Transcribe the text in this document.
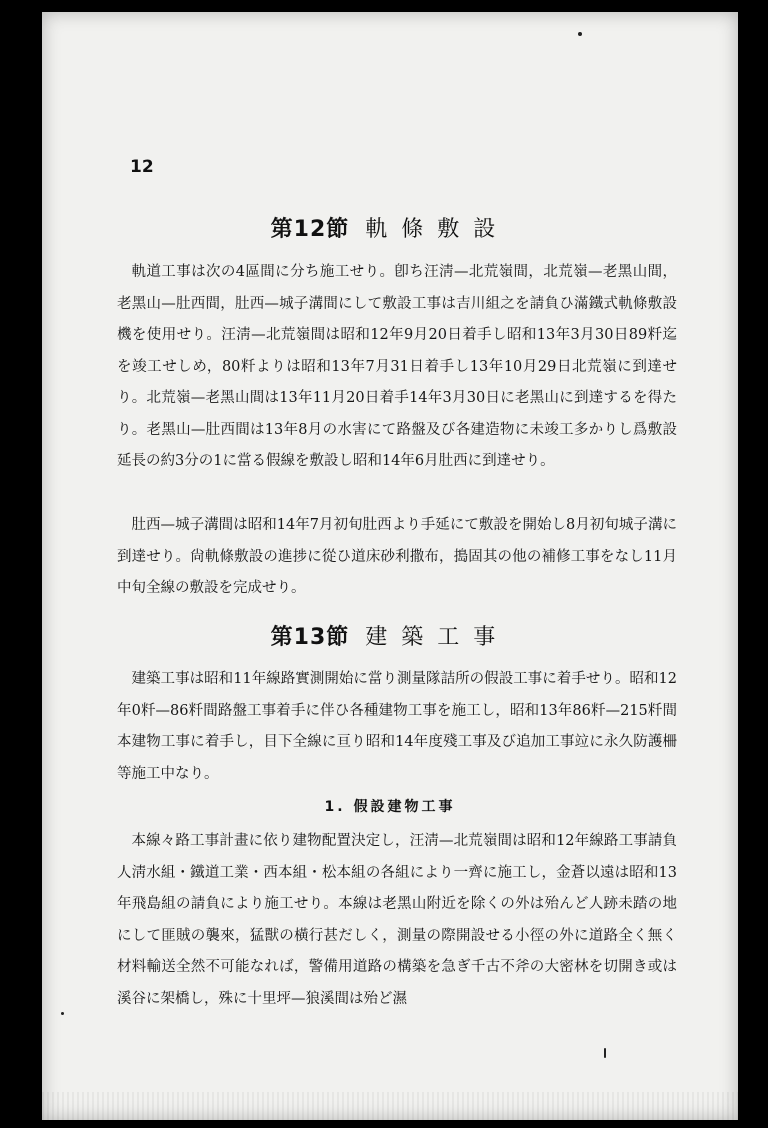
12
第12節 軌條敷設

軌道工事は次の4區間に分ち施工せり。卽ち汪淸—北荒嶺間，北荒嶺—老黑山間，老黑山—肚西間，肚西—城子溝間にして敷設工事は吉川組之を請負ひ滿鐵式軌條敷設機を使用せり。汪淸—北荒嶺間は昭和12年9月20日着手し昭和13年3月30日89粁迄を竣工せしめ，80粁よりは昭和13年7月31日着手し13年10月29日北荒嶺に到達せり。北荒嶺—老黑山間は13年11月20日着手14年3月30日に老黑山に到達するを得たり。老黑山—肚西間は13年8月の水害にて路盤及び各建造物に未竣工多かりし爲敷設延長の約3分の1に當る假線を敷設し昭和14年6月肚西に到達せり。

肚西—城子溝間は昭和14年7月初旬肚西より手延にて敷設を開始し8月初旬城子溝に到達せり。尙軌條敷設の進捗に從ひ道床砂利撒布，搗固其の他の補修工事をなし11月中旬全線の敷設を完成せり。

第13節 建築工事

建築工事は昭和11年線路實測開始に當り測量隊詰所の假設工事に着手せり。昭和12年0粁—86粁間路盤工事着手に伴ひ各種建物工事を施工し，昭和13年86粁—215粁間本建物工事に着手し，目下全線に亘り昭和14年度殘工事及び追加工事竝に永久防護柵等施工中なり。

1. 假設建物工事

本線々路工事計畫に依り建物配置決定し，汪淸—北荒嶺間は昭和12年線路工事請負人淸水組・鐵道工業・西本組・松本組の各組により一齊に施工し，金蒼以遠は昭和13年飛島組の請負により施工せり。本線は老黑山附近を除くの外は殆んど人跡未踏の地にして匪賊の襲來，猛獸の橫行甚だしく，測量の際開設せる小徑の外に道路全く無く材料輸送全然不可能なれば，警備用道路の構築を急ぎ千古不斧の大密林を切開き或は溪谷に架橋し，殊に十里坪—狼溪間は殆ど濕
